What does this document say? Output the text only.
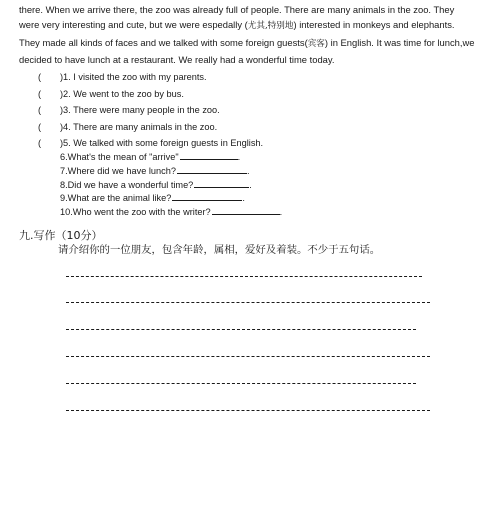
there. When we arrive there, the zoo was already full of people. There are many animals in the zoo. They

were very interesting and cute, but we were espedally (尤其,特别地) interested in monkeys and elephants.

They made all kinds of faces and we talked with some foreign guests(宾客) in English. It was time for lunch,we

decided to have lunch at a restaurant. We really had a wonderful time today.

( )1. I visited the zoo with my parents.
( )2. We went to the zoo by bus.
( )3. There were many people in the zoo.
( )4. There are many animals in the zoo.
( )5. We talked with some foreign guests in English.
6.What's the mean of "arrive"	.
7.Where did we have lunch?	.
8.Did we have a wonderful time?	.
9.What are the animal like?	.
10.Who went the zoo with the writer?	.
九.写作（10分）
请介绍你的一位朋友，包含年龄，属相，爱好及着装。不少于五句话。
